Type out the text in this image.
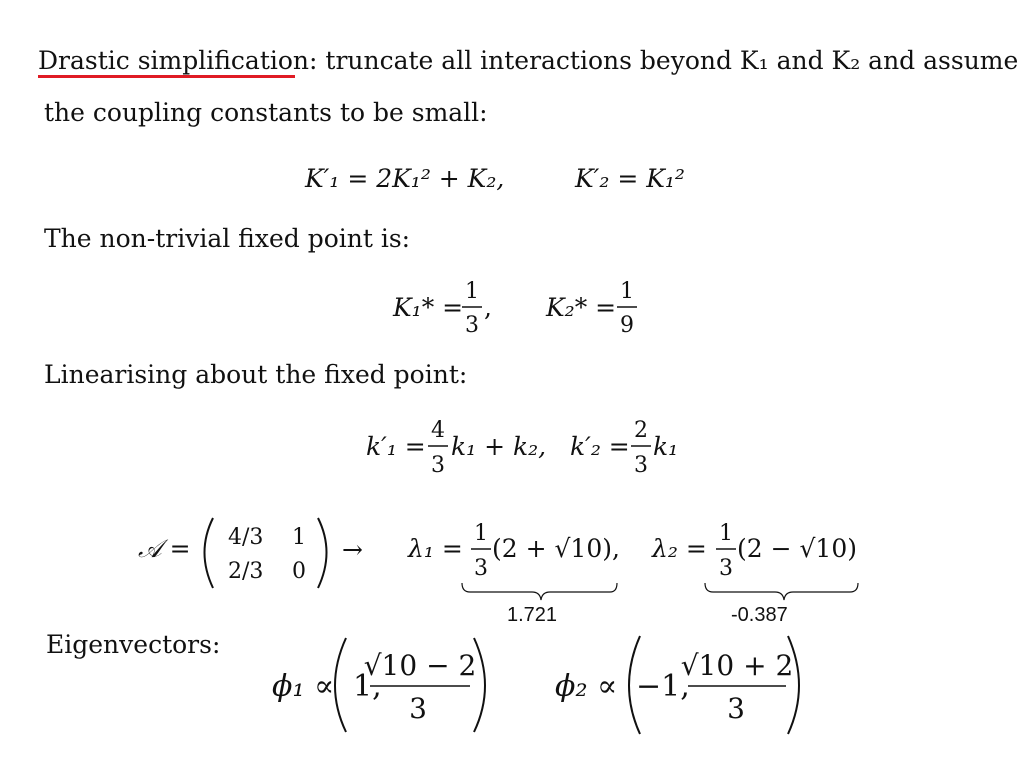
Drastic simplification: truncate all interactions beyond K₁ and K₂ and assume
the coupling constants to be small:
K′₁ = 2K₁² + K₂,	K′₂ = K₁²
The non-trivial fixed point is:
K₁* =
1
3
, K₂* =
1
9
k′₁ =
4
3
k₁ + k₂, k′₂ =
2
3
k₁
𝒜 = 4/3 1
2/3 0
→ λ₁ =
1
3
(2 + √10), λ₂ =
1
3
(2 − √10)
ϕ₁ ∝ 1,
√10 − 2
3
ϕ₂ ∝ −1,
√10 + 2
3
Linearising about the fixed point:
1.721	-0.387
Eigenvectors:
